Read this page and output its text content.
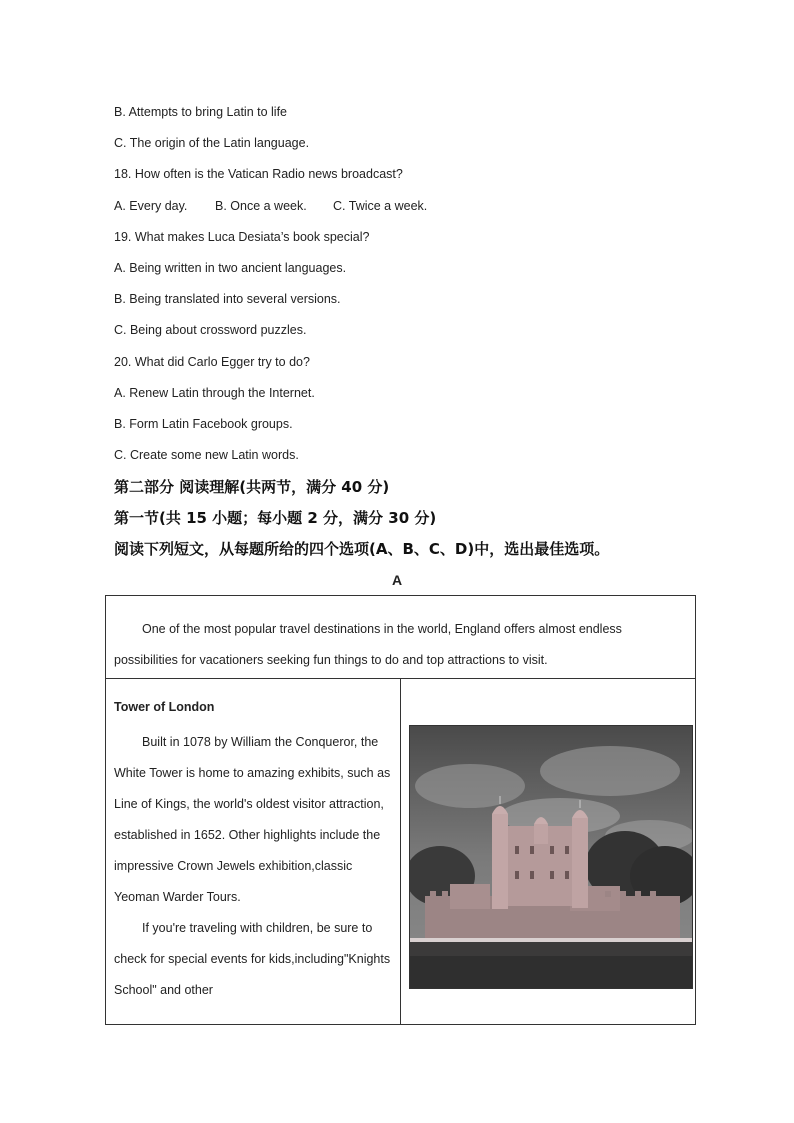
B. Attempts to bring Latin to life
C. The origin of the Latin language.
18. How often is the Vatican Radio news broadcast?
A. Every day. B. Once a week. C. Twice a week.
19. What makes Luca Desiata’s book special?
A. Being written in two ancient languages.
B. Being translated into several versions.
C. Being about crossword puzzles.
20. What did Carlo Egger try to do?
A. Renew Latin through the Internet.
B. Form Latin Facebook groups.
C. Create some new Latin words.
第二部分 阅读理解(共两节，满分 40 分)
第一节(共 15 小题；每小题 2 分，满分 30 分)
阅读下列短文，从每题所给的四个选项(A、B、C、D)中，选出最佳选项。
A

One of the most popular travel destinations in the world, England offers almost endless possibilities for vacationers seeking fun things to do and top attractions to visit.

Tower of London

Built in 1078 by William the Conqueror, the White Tower is home to amazing exhibits, such as Line of Kings, the world's oldest visitor attraction, established in 1652. Other highlights include the impressive Crown Jewels exhibition,classic Yeoman Warder Tours.

If you're traveling with children, be sure to check for special events for kids,including"Knights School" and other
